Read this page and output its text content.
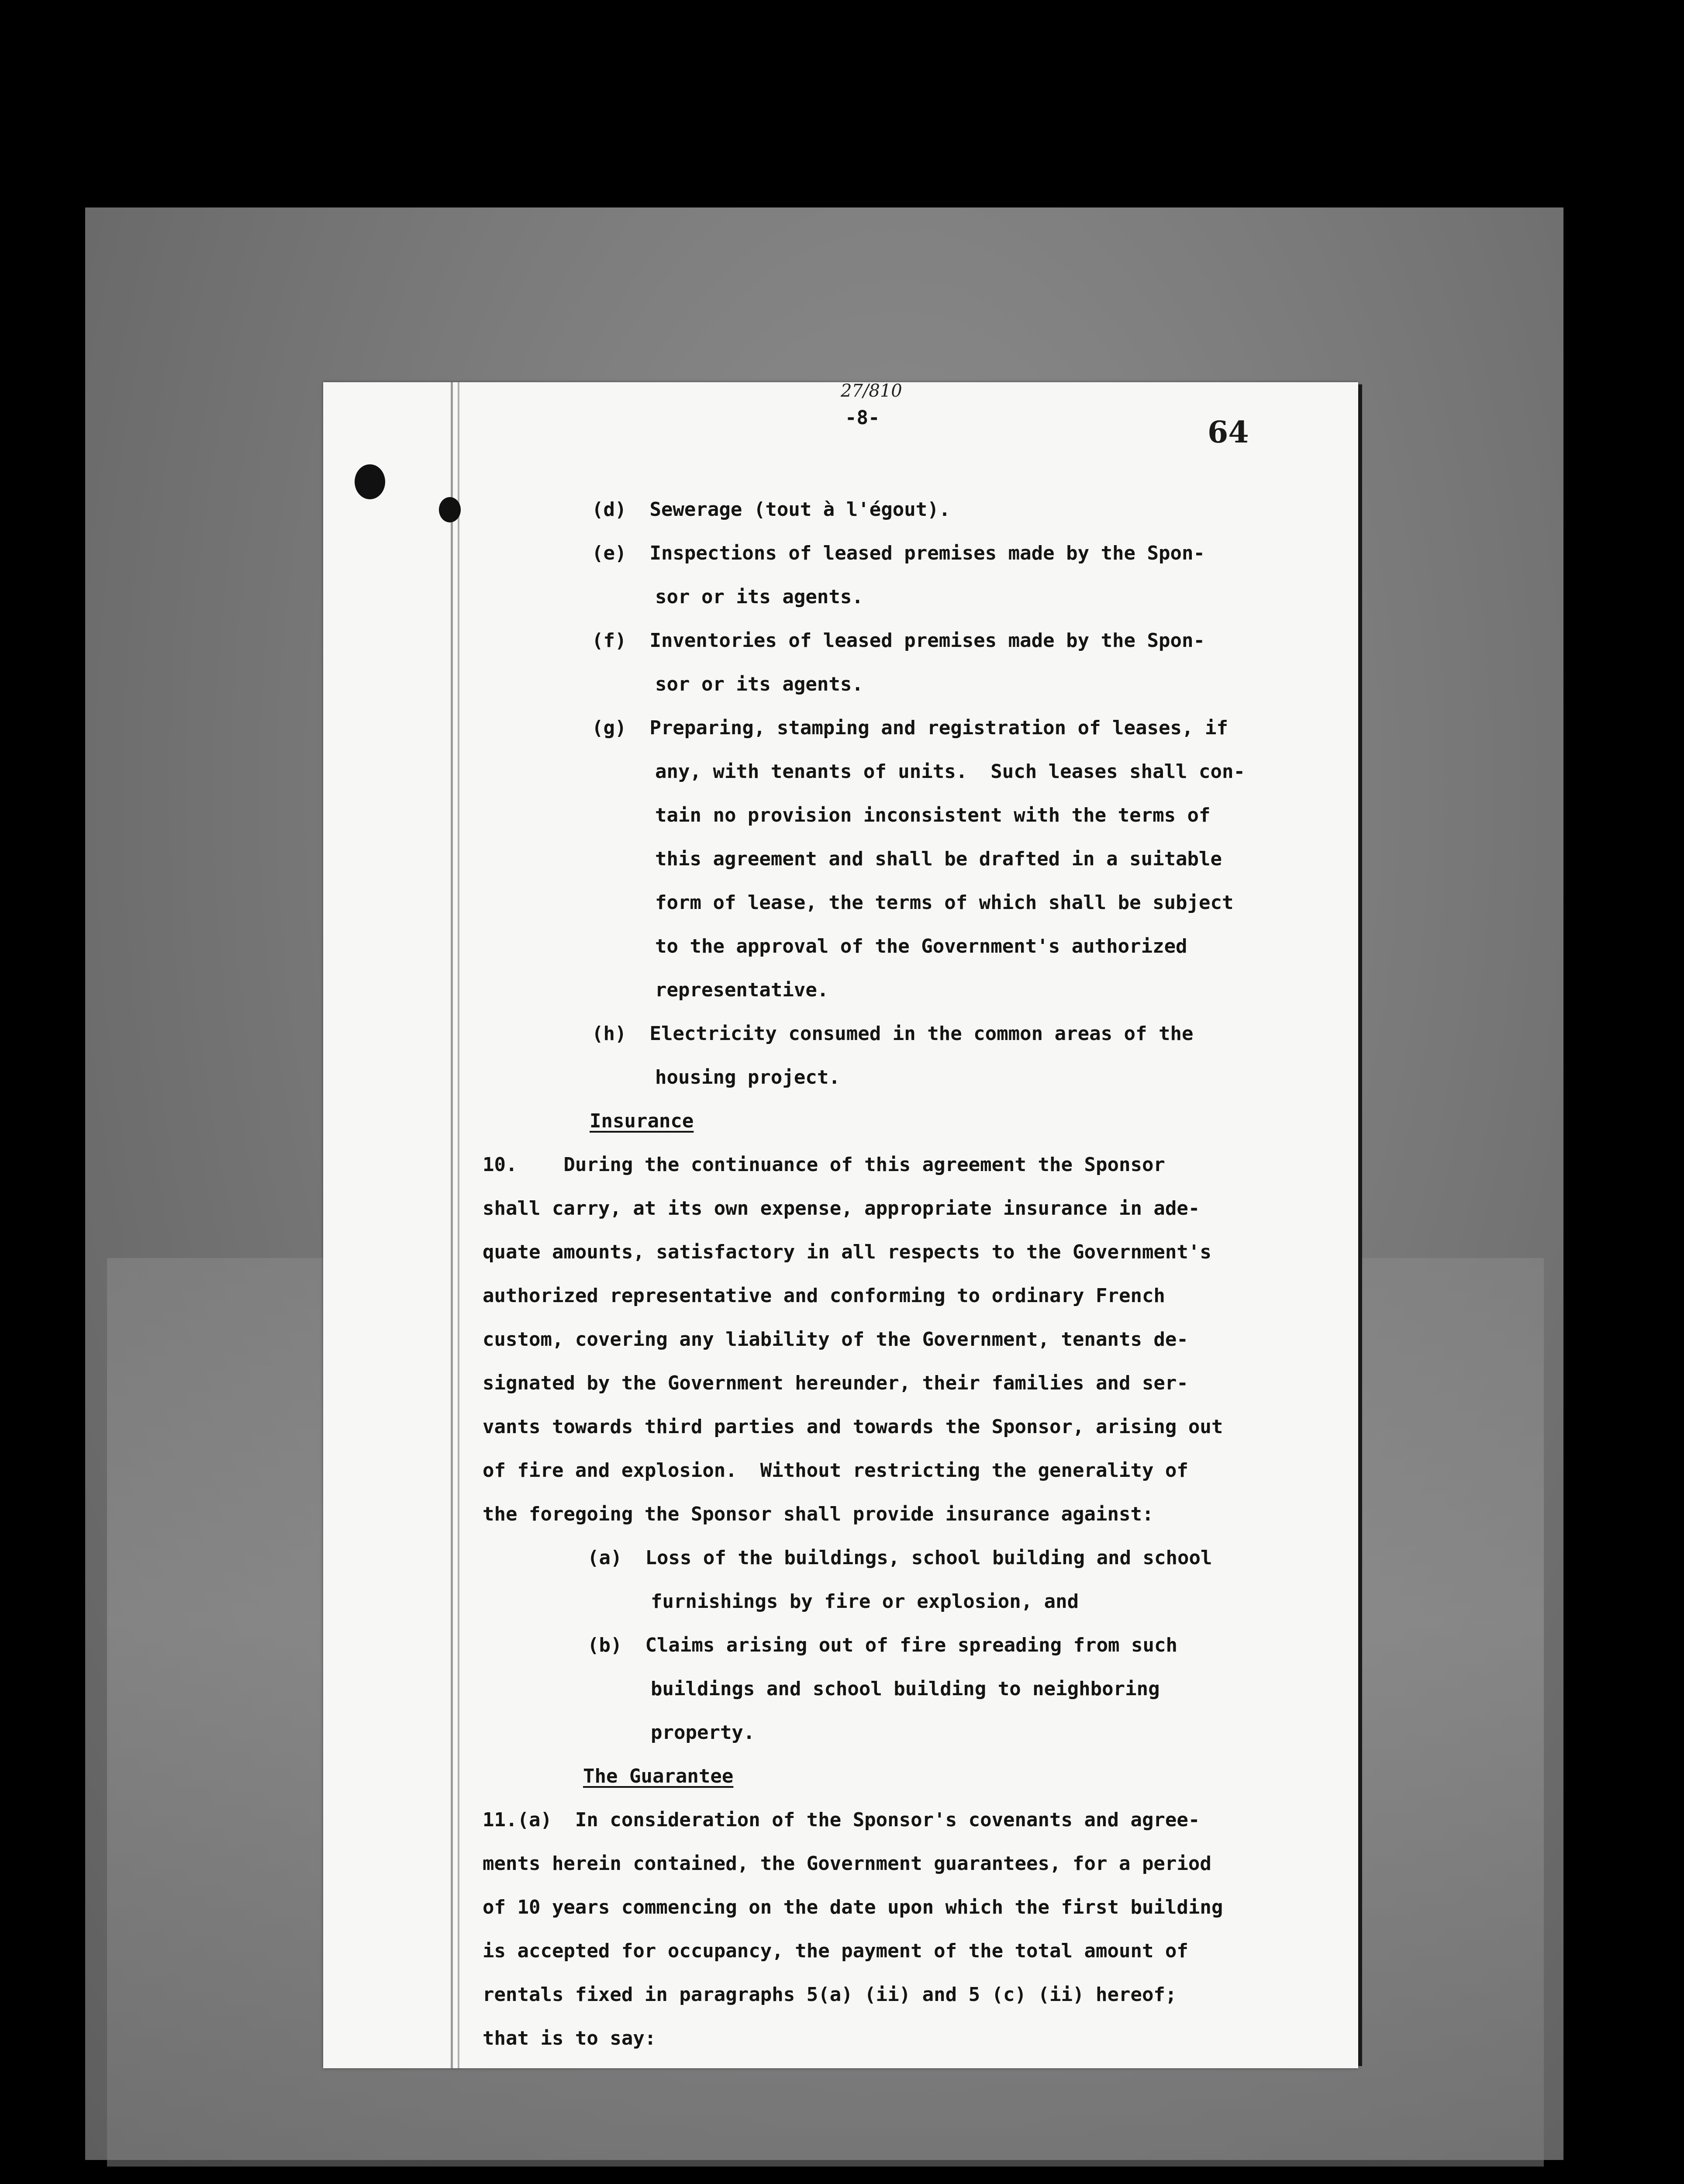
27/810
-8-	64
(d)  Sewerage (tout à l'égout).
(e)  Inspections of leased premises made by the Spon-
sor or its agents.
(f)  Inventories of leased premises made by the Spon-
sor or its agents.
(g)  Preparing, stamping and registration of leases, if
any, with tenants of units.  Such leases shall con-
tain no provision inconsistent with the terms of
this agreement and shall be drafted in a suitable
form of lease, the terms of which shall be subject
to the approval of the Government's authorized
representative.
(h)  Electricity consumed in the common areas of the
housing project.
Insurance
10.    During the continuance of this agreement the Sponsor
shall carry, at its own expense, appropriate insurance in ade-
quate amounts, satisfactory in all respects to the Government's
authorized representative and conforming to ordinary French
custom, covering any liability of the Government, tenants de-
signated by the Government hereunder, their families and ser-
vants towards third parties and towards the Sponsor, arising out
of fire and explosion.  Without restricting the generality of
the foregoing the Sponsor shall provide insurance against:
(a)  Loss of the buildings, school building and school
furnishings by fire or explosion, and
(b)  Claims arising out of fire spreading from such
buildings and school building to neighboring
property.
The Guarantee
11.(a)  In consideration of the Sponsor's covenants and agree-
ments herein contained, the Government guarantees, for a period
of 10 years commencing on the date upon which the first building
is accepted for occupancy, the payment of the total amount of
rentals fixed in paragraphs 5(a) (ii) and 5 (c) (ii) hereof;
that is to say:
